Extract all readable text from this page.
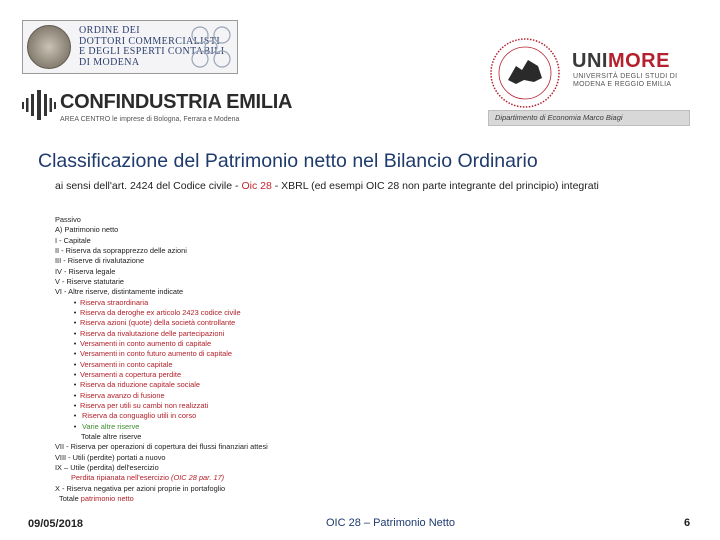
ORDINE DEI
DOTTORI COMMERCIALISTI
E DEGLI ESPERTI CONTABILI
DI MODENA
CONFINDUSTRIA EMILIA
AREA CENTRO le imprese di Bologna, Ferrara e Modena
UNIMORE
UNIVERSITÀ DEGLI STUDI DI
MODENA E REGGIO EMILIA
Dipartimento di Economia Marco Biagi
Classificazione del Patrimonio netto nel Bilancio Ordinario
ai sensi dell'art. 2424 del Codice civile - Oic 28 - XBRL (ed esempi OIC 28 non parte integrante del principio) integrati
Passivo
A) Patrimonio netto
I - Capitale
II - Riserva da soprapprezzo delle azioni
III - Riserve di rivalutazione
IV - Riserva legale
V - Riserve statutarie
VI - Altre riserve, distintamente indicate
• Riserva straordinaria
• Riserva da deroghe ex articolo 2423 codice civile
• Riserva azioni (quote) della società controllante
• Riserva da rivalutazione delle partecipazioni
• Versamenti in conto aumento di capitale
• Versamenti in conto futuro aumento di capitale
• Versamenti in conto capitale
• Versamenti a copertura perdite
• Riserva da riduzione capitale sociale
• Riserva avanzo di fusione
• Riserva per utili su cambi non realizzati
• Riserva da conguaglio utili in corso
• Varie altre riserve
Totale altre riserve
VII - Riserva per operazioni di copertura dei flussi finanziari attesi
VIII - Utili (perdite) portati a nuovo
IX – Utile (perdita) dell'esercizio
Perdita ripianata nell'esercizio (OIC 28 par. 17)
X - Riserva negativa per azioni proprie in portafoglio
Totale patrimonio netto
09/05/2018	OIC 28 – Patrimonio Netto	6
